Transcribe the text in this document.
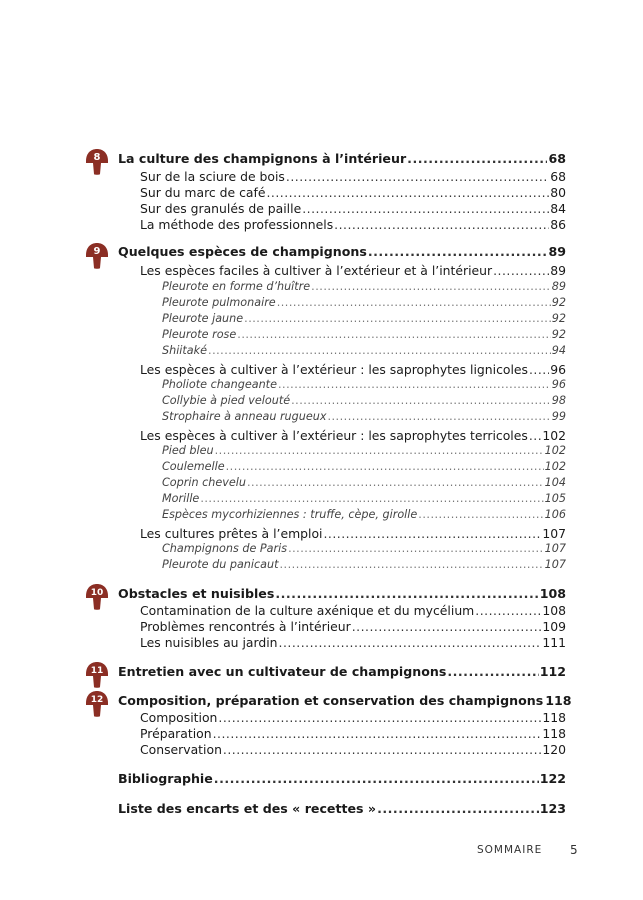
La culture des champignons à l’intérieur .....	68
8
Sur de la sciure de bois .....	68
Sur du marc de café .....	80
Sur des granulés de paille .....	84
La méthode des professionnels .....	86
Quelques espèces de champignons .....	89
9
Les espèces faciles à cultiver à l’extérieur et à l’intérieur .....	89
Pleurote en forme d’huître .....	89
Pleurote pulmonaire .....	92
Pleurote jaune .....	92
Pleurote rose .....	92
Shiitaké .....	94
Les espèces à cultiver à l’extérieur : les saprophytes lignicoles ..... 96
Pholiote changeante .....	96
Collybie à pied velouté .....	98
Strophaire à anneau rugueux .....	99
Les espèces à cultiver à l’extérieur : les saprophytes terricoles ..... 102
Pied bleu .....	102
Coulemelle .....	102
Coprin chevelu .....	104
Morille .....	105
Espèces mycorhiziennes : truffe, cèpe, girolle .....	106
Les cultures prêtes à l’emploi .....	107
Champignons de Paris .....	107
Pleurote du panicaut .....	107
Obstacles et nuisibles .....	108
10
Contamination de la culture axénique et du mycélium .....	108
Problèmes rencontrés à l’intérieur .....	109
Les nuisibles au jardin .....	111
Entretien avec un cultivateur de champignons .....	112
11
Composition, préparation et conservation des champignons 118
12
Composition .....	118
Préparation .....	118
Conservation .....	120
Bibliographie .....	122
Liste des encarts et des « recettes » .....	123
SOMMAIRE 5
